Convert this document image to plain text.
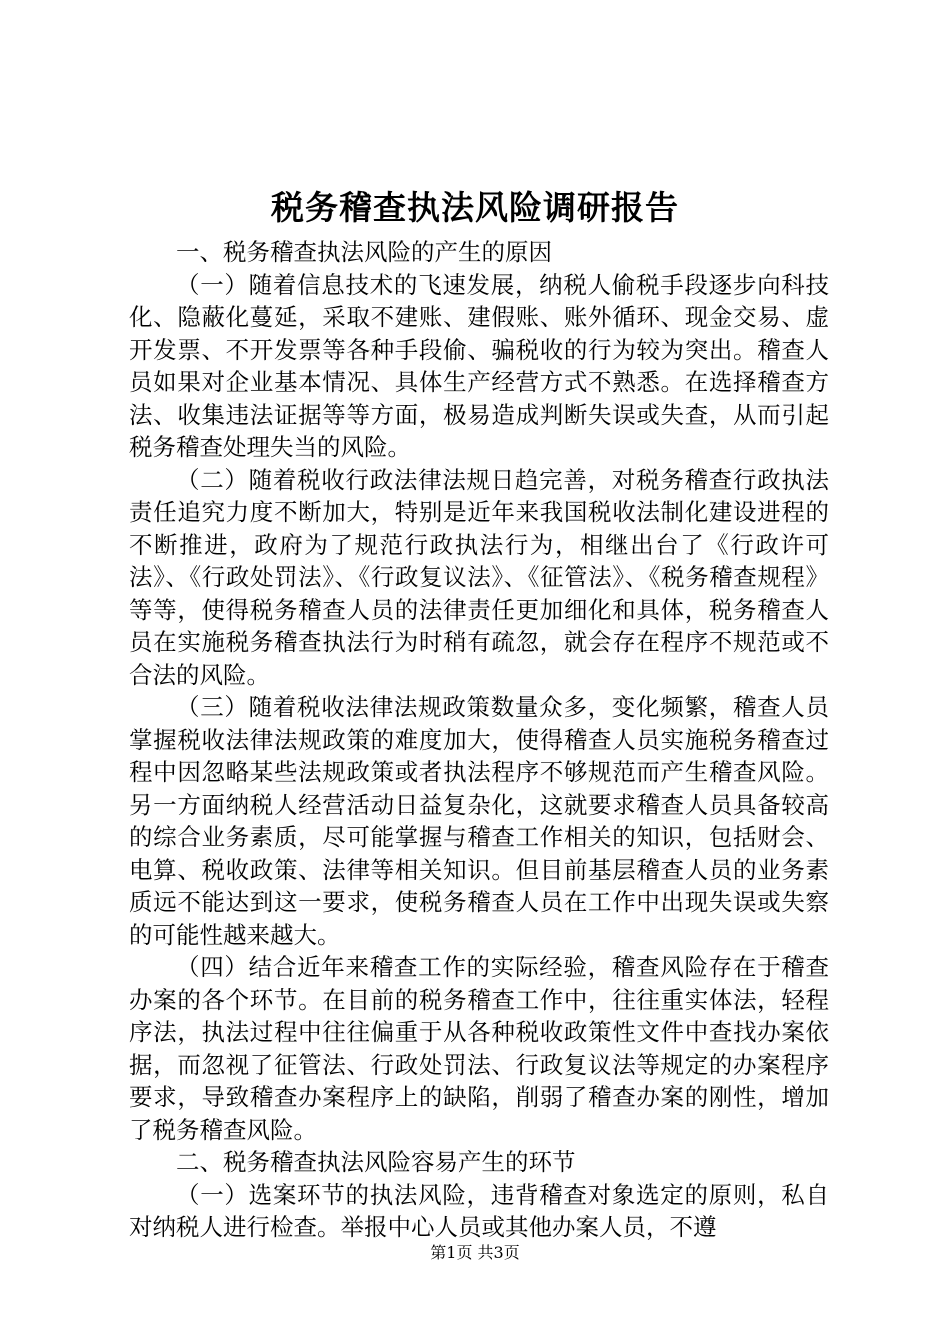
税务稽查执法风险调研报告

一、税务稽查执法风险的产生的原因

（一）随着信息技术的飞速发展，纳税人偷税手段逐步向科技化、隐蔽化蔓延，采取不建账、建假账、账外循环、现金交易、虚开发票、不开发票等各种手段偷、骗税收的行为较为突出。稽查人员如果对企业基本情况、具体生产经营方式不熟悉。在选择稽查方法、收集违法证据等等方面，极易造成判断失误或失查，从而引起税务稽查处理失当的风险。

（二）随着税收行政法律法规日趋完善，对税务稽查行政执法责任追究力度不断加大，特别是近年来我国税收法制化建设进程的不断推进，政府为了规范行政执法行为，相继出台了《行政许可法》、《行政处罚法》、《行政复议法》、《征管法》、《税务稽查规程》等等，使得税务稽查人员的法律责任更加细化和具体，税务稽查人员在实施税务稽查执法行为时稍有疏忽，就会存在程序不规范或不合法的风险。

（三）随着税收法律法规政策数量众多，变化频繁，稽查人员掌握税收法律法规政策的难度加大，使得稽查人员实施税务稽查过程中因忽略某些法规政策或者执法程序不够规范而产生稽查风险。另一方面纳税人经营活动日益复杂化，这就要求稽查人员具备较高的综合业务素质，尽可能掌握与稽查工作相关的知识，包括财会、电算、税收政策、法律等相关知识。但目前基层稽查人员的业务素质远不能达到这一要求，使税务稽查人员在工作中出现失误或失察的可能性越来越大。

（四）结合近年来稽查工作的实际经验，稽查风险存在于稽查办案的各个环节。在目前的税务稽查工作中，往往重实体法，轻程序法，执法过程中往往偏重于从各种税收政策性文件中查找办案依据，而忽视了征管法、行政处罚法、行政复议法等规定的办案程序要求，导致稽查办案程序上的缺陷，削弱了稽查办案的刚性，增加了税务稽查风险。

二、税务稽查执法风险容易产生的环节

（一）选案环节的执法风险，违背稽查对象选定的原则，私自对纳税人进行检查。举报中心人员或其他办案人员，不遵

第1页 共3页
